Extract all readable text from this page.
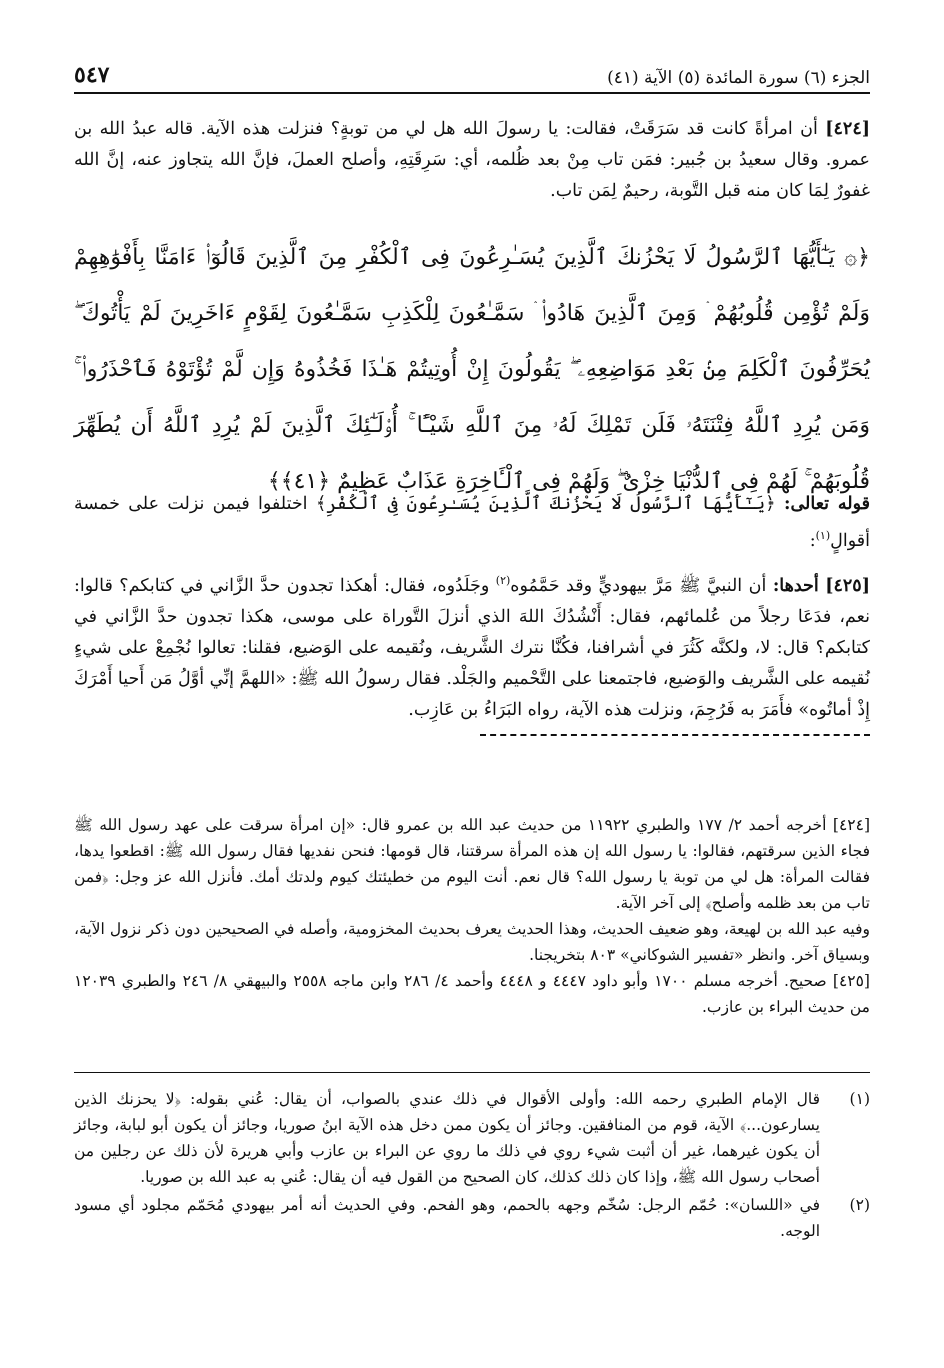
الجزء (٦) سورة المائدة (٥) الآية (٤١)
٥٤٧

[٤٢٤] أن امرأةً كانت قد سَرَقَتْ، فقالت: يا رسولَ الله هل لي من توبةٍ؟ فنزلت هذه الآية. قاله عبدُ الله بن عمرو. وقال سعيدُ بن جُبير: فمَن تاب مِنْ بعد ظُلمه، أي: سَرِقَتِهِ، وأصلح العملَ، فإنَّ الله يتجاوز عنه، إنَّ الله غفورٌ لِمَا كان منه قبل التَّوبة، رحيمٌ لِمَن تاب.

﴿۞ يَـٰٓأَيُّهَا ٱلرَّسُولُ لَا يَحْزُنكَ ٱلَّذِينَ يُسَـٰرِعُونَ فِى ٱلْكُفْرِ مِنَ ٱلَّذِينَ قَالُوٓا۟ ءَامَنَّا بِأَفْوَٰهِهِمْ وَلَمْ تُؤْمِن قُلُوبُهُمْ ۛ وَمِنَ ٱلَّذِينَ هَادُوا۟ ۛ سَمَّـٰعُونَ لِلْكَذِبِ سَمَّـٰعُونَ لِقَوْمٍ ءَاخَرِينَ لَمْ يَأْتُوكَ ۖ يُحَرِّفُونَ ٱلْكَلِمَ مِنۢ بَعْدِ مَوَاضِعِهِۦ ۖ يَقُولُونَ إِنْ أُوتِيتُمْ هَـٰذَا فَخُذُوهُ وَإِن لَّمْ تُؤْتَوْهُ فَٱحْذَرُوا۟ ۚ وَمَن يُرِدِ ٱللَّهُ فِتْنَتَهُۥ فَلَن تَمْلِكَ لَهُۥ مِنَ ٱللَّهِ شَيْـًٔا ۚ أُو۟لَـٰٓئِكَ ٱلَّذِينَ لَمْ يُرِدِ ٱللَّهُ أَن يُطَهِّرَ قُلُوبَهُمْ ۚ لَهُمْ فِى ٱلدُّنْيَا خِزْىٌ ۖ وَلَهُمْ فِى ٱلْـَٔاخِرَةِ عَذَابٌ عَظِيمٌ ﴿٤١﴾﴾

قوله تعالى: ﴿يَـٰٓأَيُّهَا ٱلرَّسُولُ لَا يَحْزُنكَ ٱلَّذِينَ يُسَـٰرِعُونَ فِى ٱلْكُفْرِ﴾ اختلفوا فيمن نزلت على خمسة أقوالٍ$^{(١)}$:

[٤٢٥] أحدها: أن النبيَّ ﷺ مَرَّ بيهوديٍّ وقد حَمَّمُوه$^{(٢)}$ وجَلَدُوه، فقال: أهكذا تجدون حدَّ الزَّاني في كتابكم؟ قالوا: نعم، فدَعَا رجلاً من عُلمائهم، فقال: أَنْشُدُكَ اللهَ الذي أنزلَ التَّوراة على موسى، هكذا تجدون حدَّ الزَّاني في كتابكم؟ قال: لا، ولكنَّه كَثُرَ في أشرافنا، فكُنَّا نترك الشَّريف، ونُقيمه على الوَضيع، فقلنا: تعالوا نُجْمِعْ على شيءٍ نُقيمه على الشَّريف والوَضيع، فاجتمعنا على التَّحْميم والجَلْد. فقال رسولُ الله ﷺ: «اللهمَّ إنِّي أوَّلُ مَن أَحيا أَمْرَكَ إِذْ أماتُوه» فأَمَرَ به فَرُجِمَ، ونزلت هذه الآية، رواه البَرَاءُ بن عَازِب.

[٤٢٤] أخرجه أحمد ٢/ ١٧٧ والطبري ١١٩٢٢ من حديث عبد الله بن عمرو قال: «إن امرأة سرقت على عهد رسول الله ﷺ فجاء الذين سرقتهم، فقالوا: يا رسول الله إن هذه المرأة سرقتنا، قال قومها: فنحن نفديها فقال رسول الله ﷺ: اقطعوا يدها، فقالت المرأة: هل لي من توبة يا رسول الله؟ قال نعم. أنت اليوم من خطيئتك كيوم ولدتك أمك. فأنزل الله عز وجل: ﴿فمن تاب من بعد ظلمه وأصلح﴾ إلى آخر الآية.

وفيه عبد الله بن لهيعة، وهو ضعيف الحديث، وهذا الحديث يعرف بحديث المخزومية، وأصله في الصحيحين دون ذكر نزول الآية، وبسياق آخر. وانظر «تفسير الشوكاني» ٨٠٣ بتخريجنا.

[٤٢٥] صحيح. أخرجه مسلم ١٧٠٠ وأبو داود ٤٤٤٧ و ٤٤٤٨ وأحمد ٤/ ٢٨٦ وابن ماجه ٢٥٥٨ والبيهقي ٨/ ٢٤٦ والطبري ١٢٠٣٩ من حديث البراء بن عازب.

(١)
قال الإمام الطبري رحمه الله: وأولى الأقوال في ذلك عندي بالصواب، أن يقال: عُني بقوله: ﴿لا يحزنك الذين يسارعون...﴾ الآية، قوم من المنافقين. وجائز أن يكون ممن دخل هذه الآية ابنُ صوريا، وجائز أن يكون أبو لبابة، وجائز أن يكون غيرهما، غير أن أثبت شيء روي في ذلك ما روي عن البراء بن عازب وأبي هريرة لأن ذلك عن رجلين من أصحاب رسول الله ﷺ، وإذا كان ذلك كذلك، كان الصحيح من القول فيه أن يقال: عُني به عبد الله بن صوريا.
(٢)
في «اللسان»: حُمّم الرجل: سُخّم وجهه بالحمم، وهو الفحم. وفي الحديث أنه أمر بيهودي مُحَمّم مجلود أي مسود الوجه.
